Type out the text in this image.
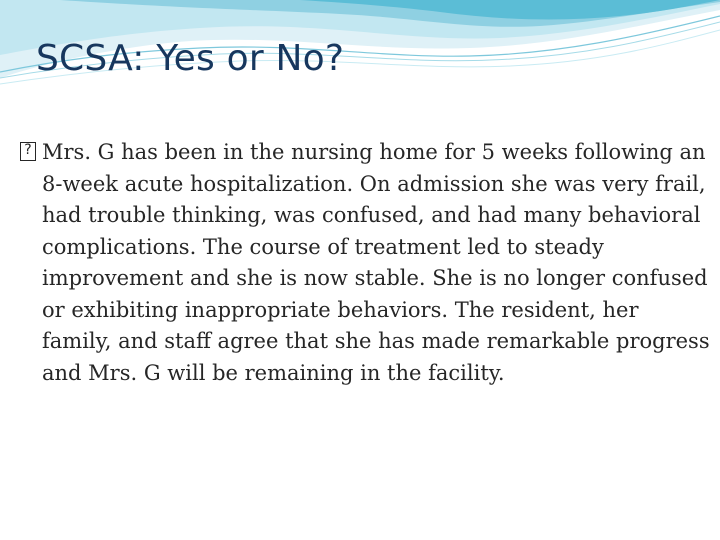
SCSA: Yes or No?

? Mrs. G has been in the nursing home for 5 weeks following an 8-week acute hospitalization. On admission she was very frail, had trouble thinking, was confused, and had many behavioral complications. The course of treatment led to steady improvement and she is now stable. She is no longer confused or exhibiting inappropriate behaviors. The resident, her family, and staff agree that she has made remarkable progress and Mrs. G will be remaining in the facility.
